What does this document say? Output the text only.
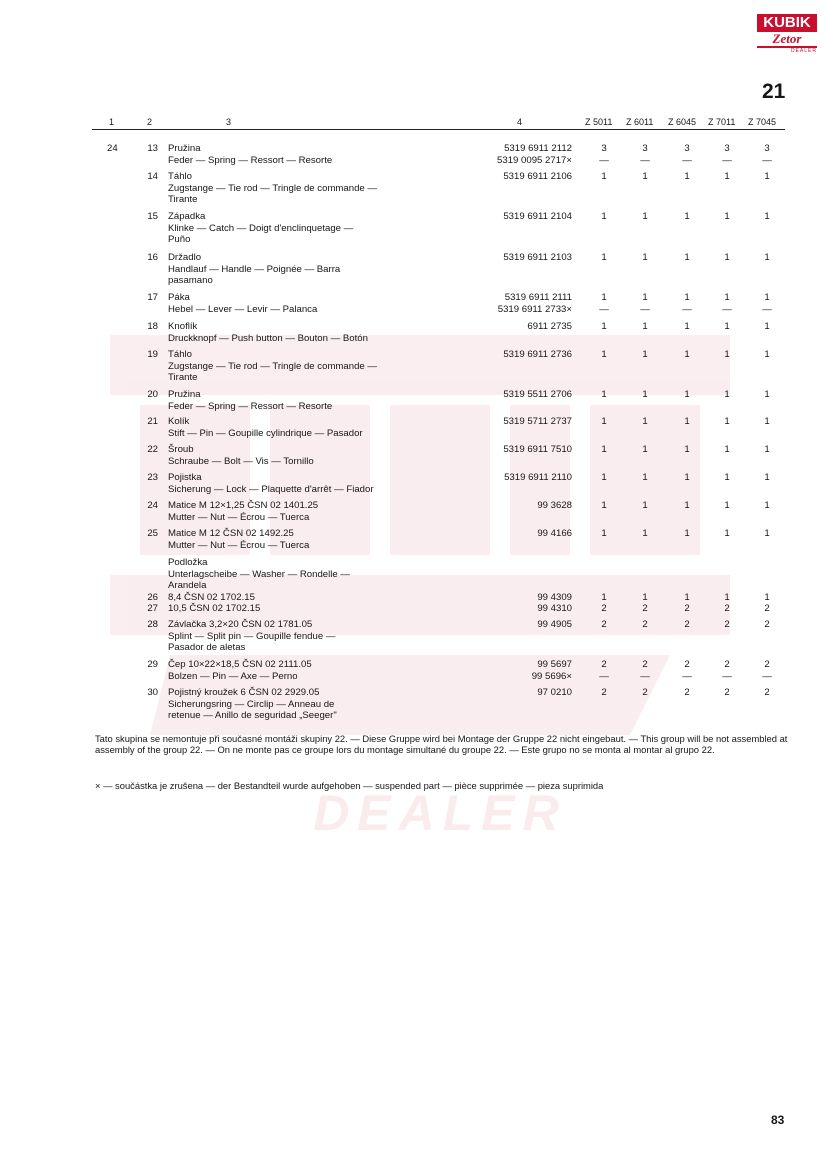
KUBIK
Zetor
DEALER
21
DEALER
1	2	3	4	Z 5011 Z 6011 Z 6045 Z 7011 Z 7045
24	13 Pružina
Feder — Spring — Ressort — Resorte
5319 6911 2112
5319 0095 2717×
3	3	3	3	3
—	—	—	—	—
14 Táhlo
Zugstange — Tie rod — Tringle de commande —
Tirante
5319 6911 2106	1	1	1	1	1
15 Západka
Klinke — Catch — Doigt d'enclinquetage —
Puño
5319 6911 2104	1	1	1	1	1
16 Držadlo
Handlauf — Handle — Poignée — Barra
pasamano
5319 6911 2103	1	1	1	1	1
17 Páka
Hebel — Lever — Levir — Palanca
5319 6911 2111
5319 6911 2733×
1	1	1	1	1
—	—	—	—	—
18 Knoflík
Druckknopf — Push button — Bouton — Botón
6911 2735	1	1	1	1	1
19 Táhlo
Zugstange — Tie rod — Tringle de commande —
Tirante
5319 6911 2736	1	1	1	1	1
20 Pružina
Feder — Spring — Ressort — Resorte
5319 5511 2706	1	1	1	1	1
21 Kolík
Stift — Pin — Goupille cylindrique — Pasador
5319 5711 2737	1	1	1	1	1
22 Šroub
Schraube — Bolt — Vis — Tornillo
5319 6911 7510	1	1	1	1	1
23 Pojistka
Sicherung — Lock — Plaquette d'arrêt — Fiador
5319 6911 2110	1	1	1	1	1
24 Matice M 12×1,25 ČSN 02 1401.25
Mutter — Nut — Écrou — Tuerca
99 3628	1	1	1	1	1
25 Matice M 12 ČSN 02 1492.25
Mutter — Nut — Écrou — Tuerca
99 4166	1	1	1	1	1
Podložka
Unterlagscheibe — Washer — Rondelle —
Arandela
26 8,4 ČSN 02 1702.15	99 4309	1	1	1	1	1
27 10,5 ČSN 02 1702.15	99 4310	2	2	2	2	2
28 Závlačka 3,2×20 ČSN 02 1781.05
Splint — Split pin — Goupille fendue —
Pasador de aletas
99 4905	2	2	2	2	2
29 Čep 10×22×18,5 ČSN 02 2111.05
Bolzen — Pin — Axe — Perno
99 5697
99 5696×
2	2	2	2	2
—	—	—	—	—
30 Pojistný kroužek 6 ČSN 02 2929.05
Sicherungsring — Circlip — Anneau de
retenue — Anillo de seguridad „Seeger"
97 0210	2	2	2	2	2
Tato skupina se nemontuje při současné montáži skupiny 22. — Diese Gruppe wird bei Montage der Gruppe 22 nicht eingebaut. — This group will be not assembled at assembly of the group 22. — On ne monte pas ce groupe lors du montage simultané du groupe 22. — Este grupo no se monta al montar al grupo 22.
× — součástka je zrušena — der Bestandteil wurde aufgehoben — suspended part — pièce supprimée — pieza suprimida
83
